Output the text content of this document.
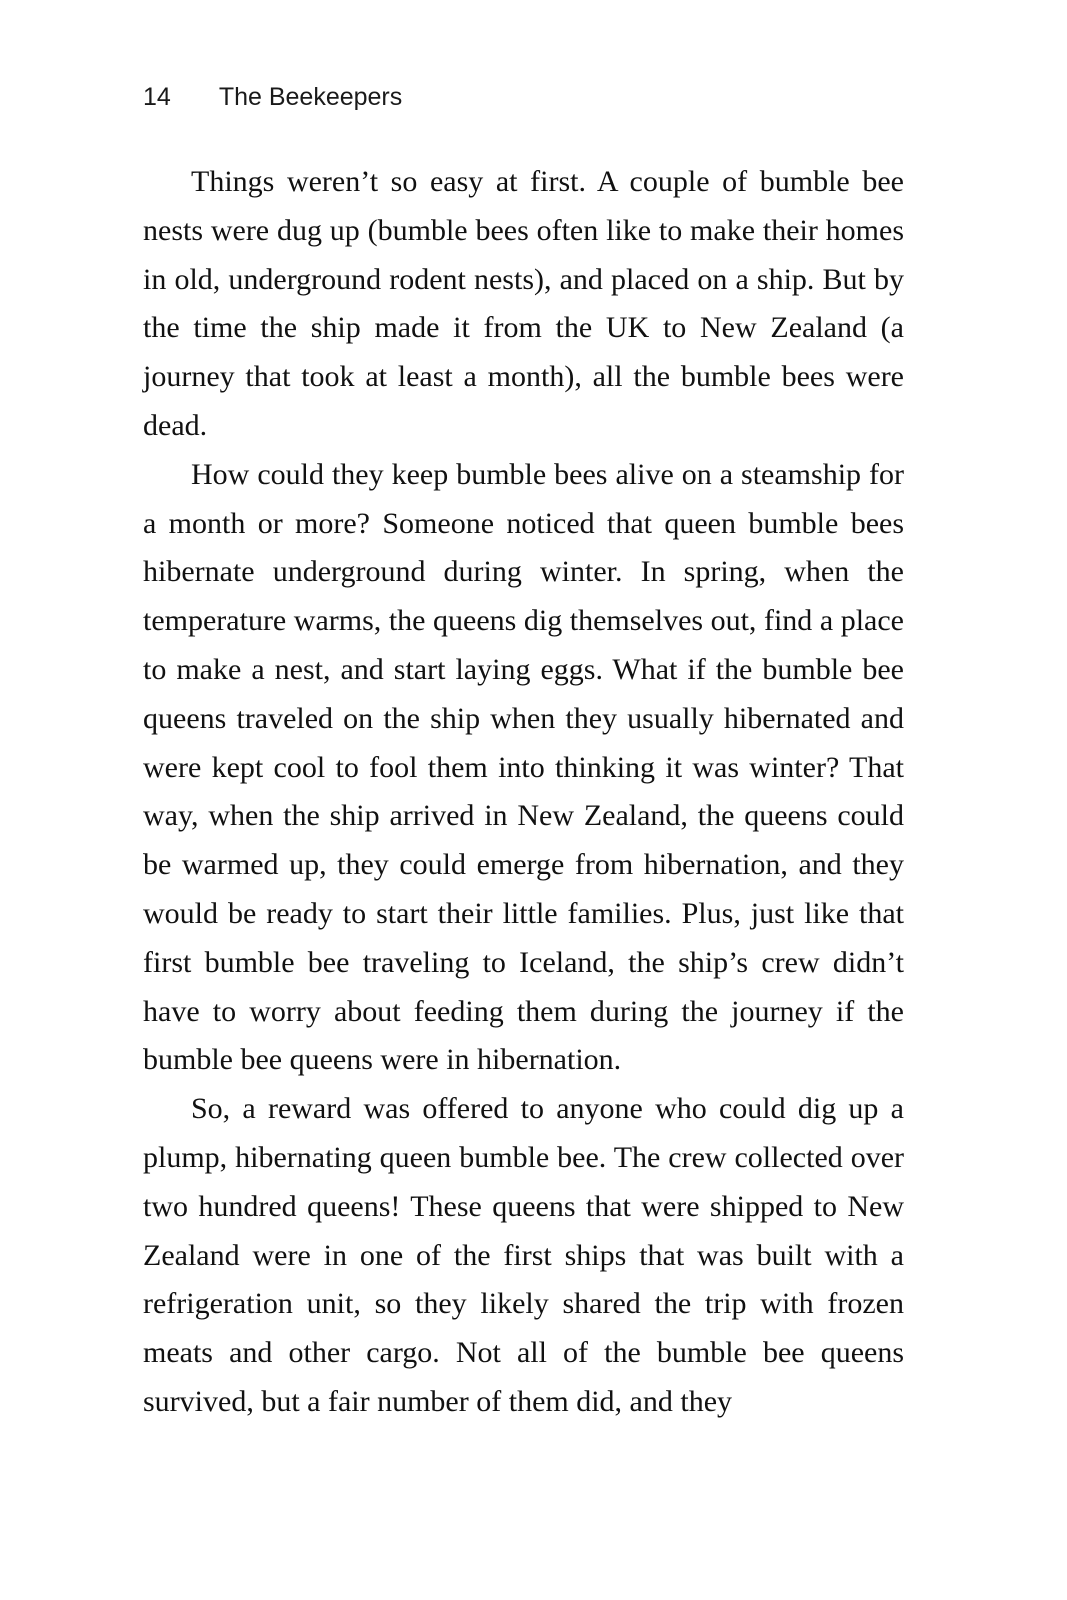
14 The Beekeepers

Things weren’t so easy at first. A couple of bumble bee nests were dug up (bumble bees often like to make their homes in old, underground rodent nests), and placed on a ship. But by the time the ship made it from the UK to New Zealand (a journey that took at least a month), all the bumble bees were dead.

How could they keep bumble bees alive on a steamship for a month or more? Someone noticed that queen bumble bees hibernate underground during winter. In spring, when the temperature warms, the queens dig themselves out, find a place to make a nest, and start laying eggs. What if the bumble bee queens traveled on the ship when they usually hibernated and were kept cool to fool them into thinking it was winter? That way, when the ship arrived in New Zealand, the queens could be warmed up, they could emerge from hibernation, and they would be ready to start their little families. Plus, just like that first bumble bee traveling to Iceland, the ship’s crew didn’t have to worry about feeding them during the journey if the bumble bee queens were in hibernation.

So, a reward was offered to anyone who could dig up a plump, hibernating queen bumble bee. The crew collected over two hundred queens! These queens that were shipped to New Zealand were in one of the first ships that was built with a refrigeration unit, so they likely shared the trip with frozen meats and other cargo. Not all of the bumble bee queens survived, but a fair number of them did, and they
